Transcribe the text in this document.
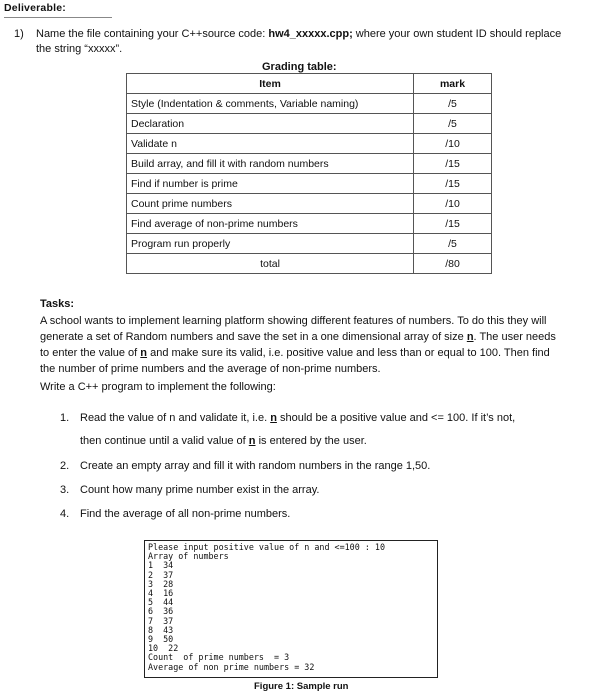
Deliverable:
1) Name the file containing your C++source code: hw4_xxxxx.cpp; where your own student ID should replace the string “xxxxx”.
Grading table:
Item	mark
Style (Indentation & comments, Variable naming)	/5
Declaration	/5
Validate n	/10
Build array, and fill it with random numbers	/15
Find if number is prime	/15
Count prime numbers	/10
Find average of non-prime numbers	/15
Program run properly	/5
total	/80
Tasks:
A school wants to implement learning platform showing different features of numbers. To do this they will generate a set of Random numbers and save the set in a one dimensional array of size n. The user needs to enter the value of n and make sure its valid, i.e. positive value and less than or equal to 100. Then find the number of prime numbers and the average of non-prime numbers.
Write a C++ program to implement the following:
1. Read the value of n and validate it, i.e. n should be a positive value and <= 100. If it’s not,
then continue until a valid value of n is entered by the user.
2. Create an empty array and fill it with random numbers in the range 1,50.
3. Count how many prime number exist in the array.
4. Find the average of all non-prime numbers.
Please input positive value of n and <=100 : 10
Array of numbers
1  34
2  37
3  28
4  16
5  44
6  36
7  37
8  43
9  50
10  22
Count  of prime numbers  = 3
Average of non prime numbers = 32
Figure 1: Sample run
